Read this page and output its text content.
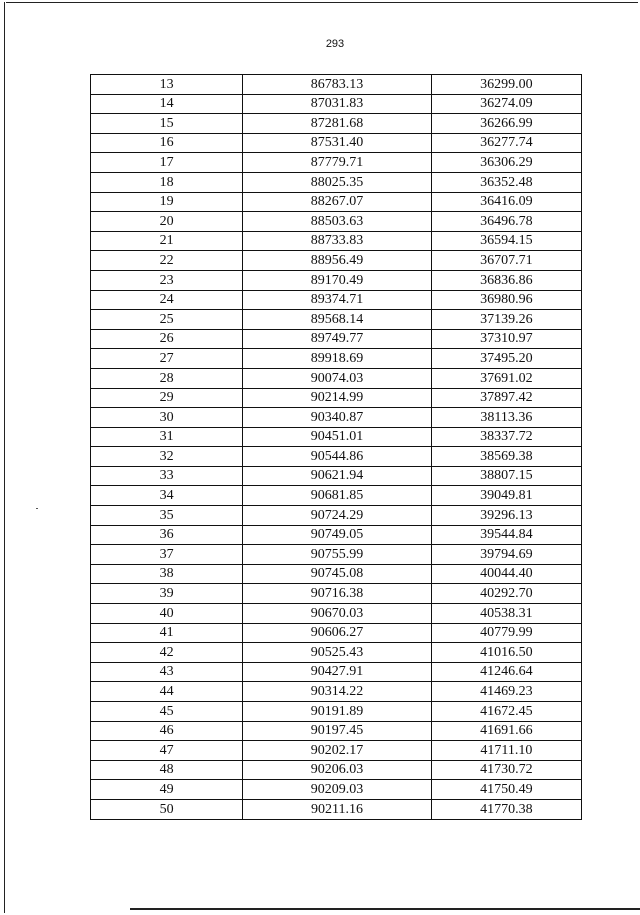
293
13	86783.13	36299.00
14	87031.83	36274.09
15	87281.68	36266.99
16	87531.40	36277.74
17	87779.71	36306.29
18	88025.35	36352.48
19	88267.07	36416.09
20	88503.63	36496.78
21	88733.83	36594.15
22	88956.49	36707.71
23	89170.49	36836.86
24	89374.71	36980.96
25	89568.14	37139.26
26	89749.77	37310.97
27	89918.69	37495.20
28	90074.03	37691.02
29	90214.99	37897.42
30	90340.87	38113.36
31	90451.01	38337.72
32	90544.86	38569.38
33	90621.94	38807.15
34	90681.85	39049.81
35	90724.29	39296.13
36	90749.05	39544.84
37	90755.99	39794.69
38	90745.08	40044.40
39	90716.38	40292.70
40	90670.03	40538.31
41	90606.27	40779.99
42	90525.43	41016.50
43	90427.91	41246.64
44	90314.22	41469.23
45	90191.89	41672.45
46	90197.45	41691.66
47	90202.17	41711.10
48	90206.03	41730.72
49	90209.03	41750.49
50	90211.16	41770.38
